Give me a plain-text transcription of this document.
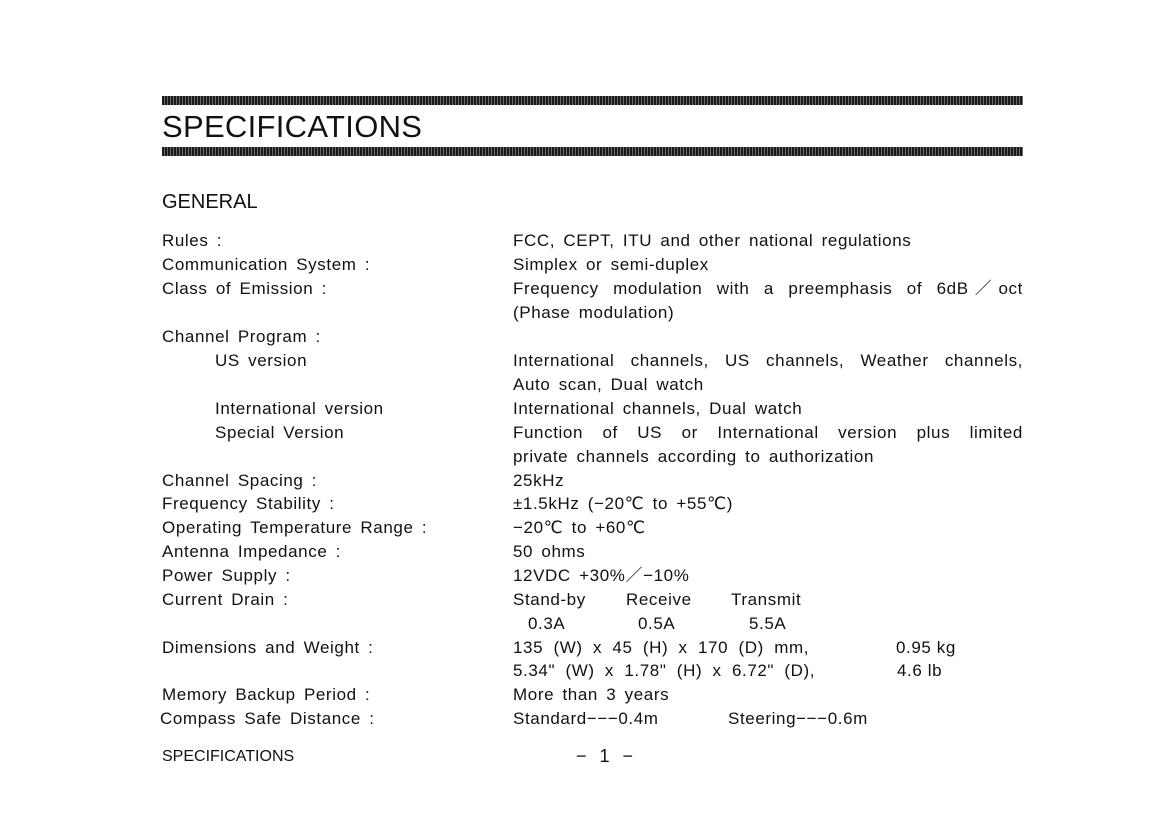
SPECIFICATIONS
GENERAL
Rules :	FCC, CEPT, ITU and other national regulations
Communication System :	Simplex or semi-duplex
Class of Emission :	Frequency modulation with a preemphasis of 6dB／oct
(Phase modulation)
Channel Program :
US version	International channels, US channels, Weather channels,
Auto scan, Dual watch
International version	International channels, Dual watch
Special Version	Function of US or International version plus limited
private channels according to authorization
Channel Spacing :	25kHz
Frequency Stability :	±1.5kHz (−20℃ to +55℃)
Operating Temperature Range :	−20℃ to +60℃
Antenna Impedance :	50 ohms
Power Supply :	12VDC +30%／−10%
Current Drain :	Stand-by Receive Transmit
0.3A	0.5A	5.5A
Dimensions and Weight :	135 (W) x 45 (H) x 170 (D) mm,	0.95 kg
5.34" (W) x 1.78" (H) x 6.72" (D),	4.6 lb
Memory Backup Period :	More than 3 years
Compass Safe Distance :	Standard−−−0.4m	Steering−−−0.6m
SPECIFICATIONS	− 1 −
